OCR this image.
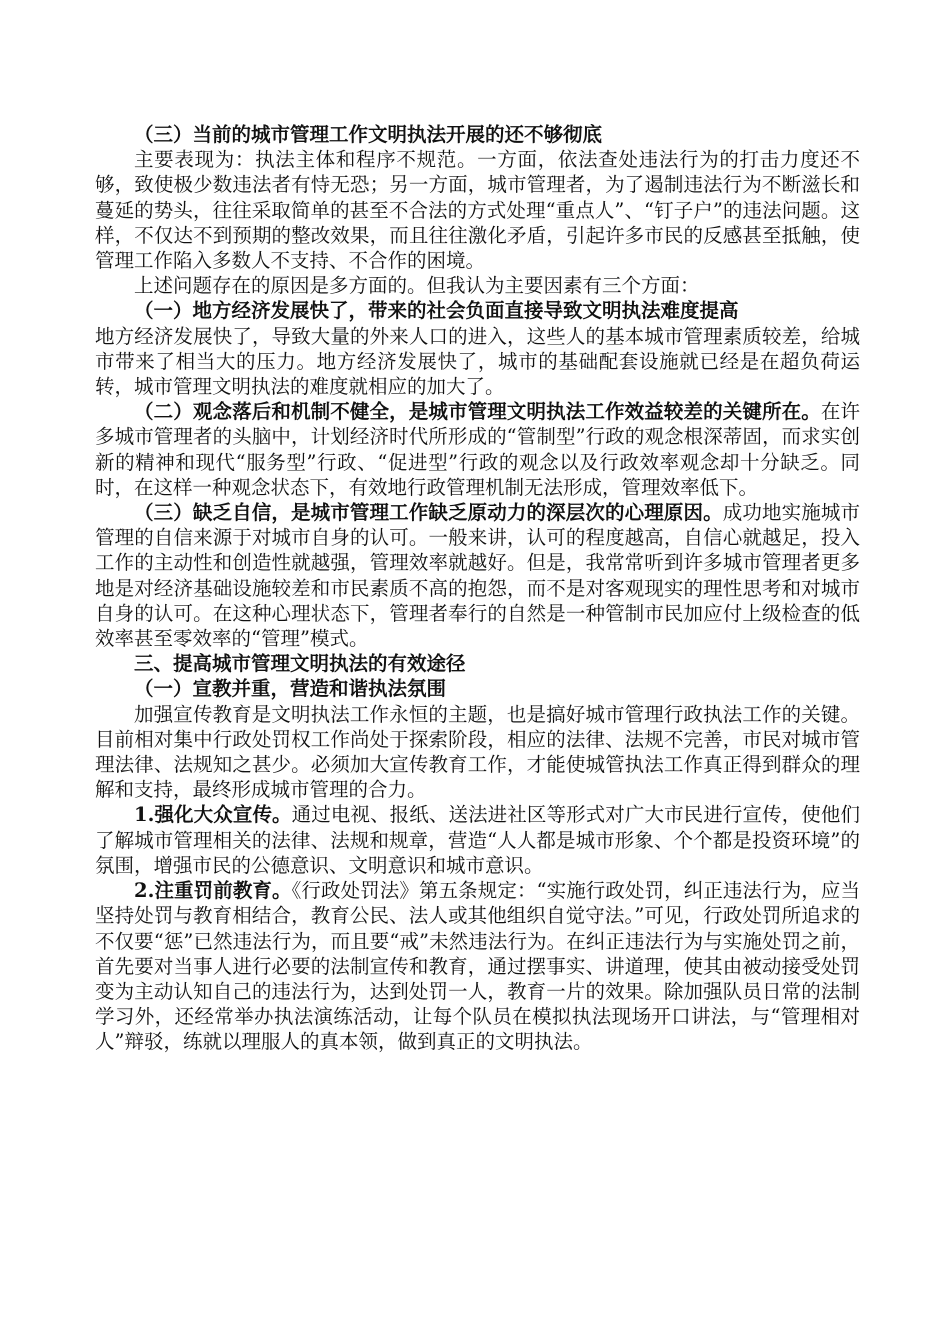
（三）当前的城市管理工作文明执法开展的还不够彻底

主要表现为：执法主体和程序不规范。一方面，依法查处违法行为的打击力度还不够，致使极少数违法者有恃无恐；另一方面，城市管理者，为了遏制违法行为不断滋长和蔓延的势头，往往采取简单的甚至不合法的方式处理“重点人”、“钉子户”的违法问题。这样，不仅达不到预期的整改效果，而且往往激化矛盾，引起许多市民的反感甚至抵触，使管理工作陷入多数人不支持、不合作的困境。

上述问题存在的原因是多方面的。但我认为主要因素有三个方面：

（一）地方经济发展快了，带来的社会负面直接导致文明执法难度提高

地方经济发展快了，导致大量的外来人口的进入，这些人的基本城市管理素质较差，给城市带来了相当大的压力。地方经济发展快了，城市的基础配套设施就已经是在超负荷运转，城市管理文明执法的难度就相应的加大了。

（二）观念落后和机制不健全，是城市管理文明执法工作效益较差的关键所在。在许多城市管理者的头脑中，计划经济时代所形成的“管制型”行政的观念根深蒂固，而求实创新的精神和现代“服务型”行政、“促进型”行政的观念以及行政效率观念却十分缺乏。同时，在这样一种观念状态下，有效地行政管理机制无法形成，管理效率低下。

（三）缺乏自信，是城市管理工作缺乏原动力的深层次的心理原因。成功地实施城市管理的自信来源于对城市自身的认可。一般来讲，认可的程度越高，自信心就越足，投入工作的主动性和创造性就越强，管理效率就越好。但是，我常常听到许多城市管理者更多地是对经济基础设施较差和市民素质不高的抱怨，而不是对客观现实的理性思考和对城市自身的认可。在这种心理状态下，管理者奉行的自然是一种管制市民加应付上级检查的低效率甚至零效率的“管理”模式。

三、提高城市管理文明执法的有效途径

（一）宣教并重，营造和谐执法氛围

加强宣传教育是文明执法工作永恒的主题，也是搞好城市管理行政执法工作的关键。目前相对集中行政处罚权工作尚处于探索阶段，相应的法律、法规不完善，市民对城市管理法律、法规知之甚少。必须加大宣传教育工作，才能使城管执法工作真正得到群众的理解和支持，最终形成城市管理的合力。

1.强化大众宣传。通过电视、报纸、送法进社区等形式对广大市民进行宣传，使他们了解城市管理相关的法律、法规和规章，营造“人人都是城市形象、个个都是投资环境”的氛围，增强市民的公德意识、文明意识和城市意识。

2.注重罚前教育。《行政处罚法》第五条规定：“实施行政处罚，纠正违法行为，应当坚持处罚与教育相结合，教育公民、法人或其他组织自觉守法。”可见，行政处罚所追求的不仅要“惩”已然违法行为，而且要“戒”未然违法行为。在纠正违法行为与实施处罚之前，首先要对当事人进行必要的法制宣传和教育，通过摆事实、讲道理，使其由被动接受处罚变为主动认知自己的违法行为，达到处罚一人，教育一片的效果。除加强队员日常的法制学习外，还经常举办执法演练活动，让每个队员在模拟执法现场开口讲法，与“管理相对人”辩驳，练就以理服人的真本领，做到真正的文明执法。
